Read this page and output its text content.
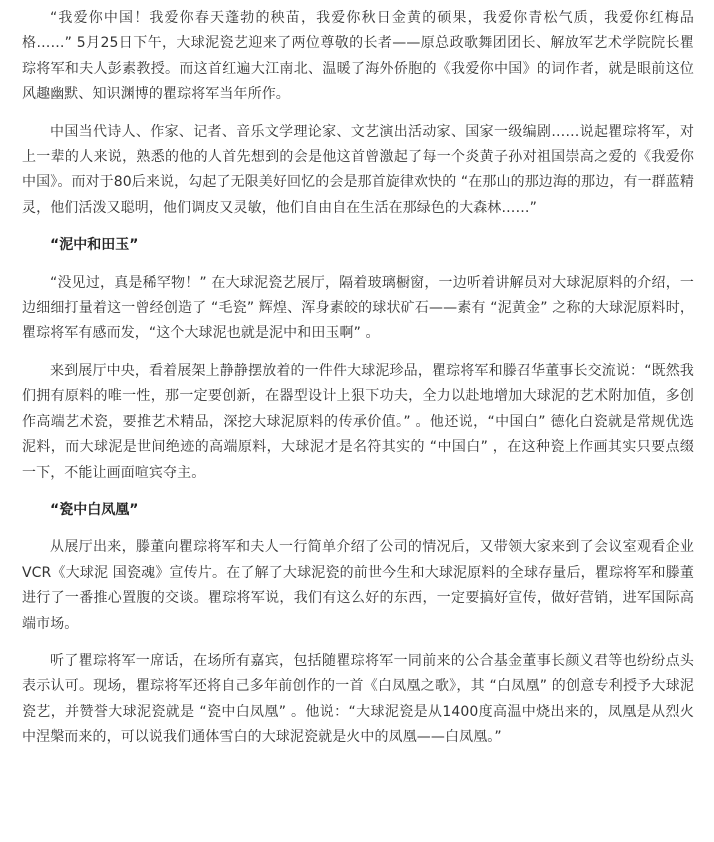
“我爱你中国！我爱你春天蓬勃的秧苗，我爱你秋日金黄的硕果，我爱你青松气质，我爱你红梅品格……” 5月25日下午，大球泥瓷艺迎来了两位尊敬的长者——原总政歌舞团团长、解放军艺术学院院长瞿琮将军和夫人彭素教授。而这首红遍大江南北、温暖了海外侨胞的《我爱你中国》的词作者，就是眼前这位风趣幽默、知识渊博的瞿琮将军当年所作。

中国当代诗人、作家、记者、音乐文学理论家、文艺演出活动家、国家一级编剧……说起瞿琮将军，对上一辈的人来说，熟悉的他的人首先想到的会是他这首曾激起了每一个炎黄子孙对祖国崇高之爱的《我爱你中国》。而对于80后来说，勾起了无限美好回忆的会是那首旋律欢快的 “在那山的那边海的那边，有一群蓝精灵，他们活泼又聪明，他们调皮又灵敏，他们自由自在生活在那绿色的大森林……”

“泥中和田玉”

“没见过，真是稀罕物！” 在大球泥瓷艺展厅，隔着玻璃橱窗，一边听着讲解员对大球泥原料的介绍，一边细细打量着这一曾经创造了 “毛瓷” 辉煌、浑身素皎的球状矿石——素有 “泥黄金” 之称的大球泥原料时，瞿琮将军有感而发，“这个大球泥也就是泥中和田玉啊” 。

来到展厅中央，看着展架上静静摆放着的一件件大球泥珍品，瞿琮将军和滕召华董事长交流说：“既然我们拥有原料的唯一性，那一定要创新，在器型设计上狠下功夫，全力以赴地增加大球泥的艺术附加值，多创作高端艺术瓷，要推艺术精品，深挖大球泥原料的传承价值。” 。他还说，“中国白” 德化白瓷就是常规优选泥料，而大球泥是世间绝迹的高端原料，大球泥才是名符其实的 “中国白” ，在这种瓷上作画其实只要点缀一下，不能让画面喧宾夺主。

“瓷中白凤凰”

从展厅出来，滕董向瞿琮将军和夫人一行简单介绍了公司的情况后，又带领大家来到了会议室观看企业VCR《大球泥 国瓷魂》宣传片。在了解了大球泥瓷的前世今生和大球泥原料的全球存量后，瞿琮将军和滕董进行了一番推心置腹的交谈。瞿琮将军说，我们有这么好的东西，一定要搞好宣传，做好营销，进军国际高端市场。

听了瞿琮将军一席话，在场所有嘉宾，包括随瞿琮将军一同前来的公合基金董事长颜义君等也纷纷点头表示认可。现场，瞿琮将军还将自己多年前创作的一首《白凤凰之歌》，其 “白凤凰” 的创意专利授予大球泥瓷艺，并赞誉大球泥瓷就是 “瓷中白凤凰” 。他说：“大球泥瓷是从1400度高温中烧出来的，凤凰是从烈火中涅槃而来的，可以说我们通体雪白的大球泥瓷就是火中的凤凰——白凤凰。”
